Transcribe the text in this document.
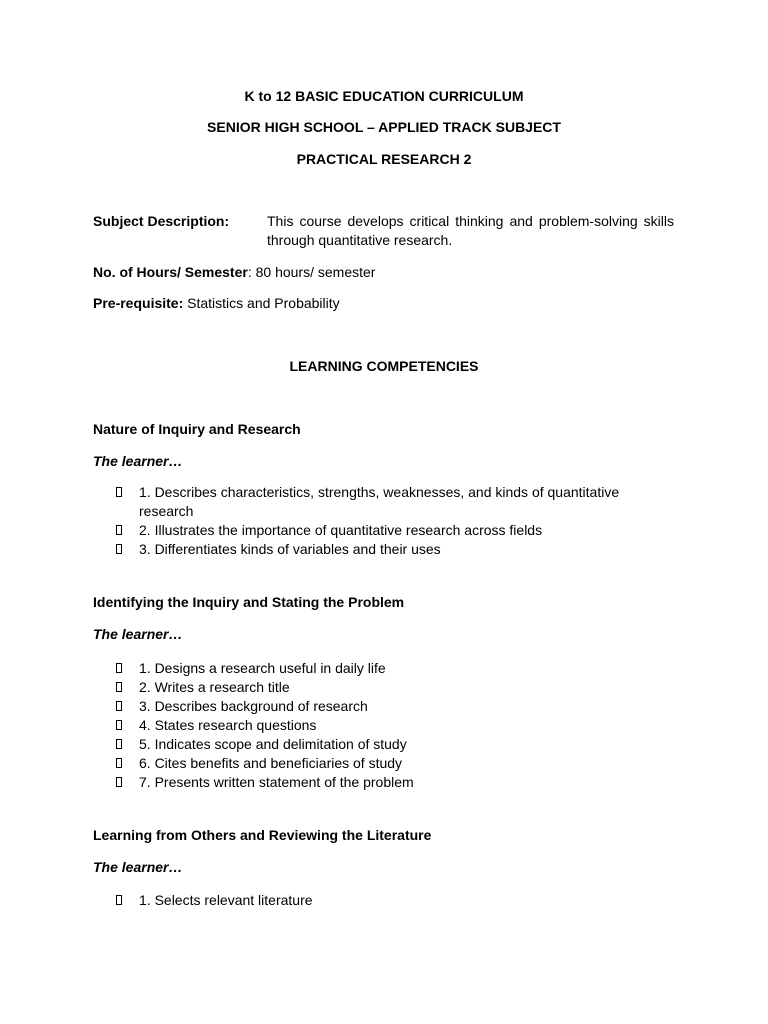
K to 12 BASIC EDUCATION CURRICULUM
SENIOR HIGH SCHOOL – APPLIED TRACK SUBJECT
PRACTICAL RESEARCH 2
Subject Description:	This course develops critical thinking and problem-solving skills through quantitative research.
No. of Hours/ Semester: 80 hours/ semester
Pre-requisite: Statistics and Probability
LEARNING COMPETENCIES
Nature of Inquiry and Research
The learner…
1. Describes characteristics, strengths, weaknesses, and kinds of quantitative research
2. Illustrates the importance of quantitative research across fields
3. Differentiates kinds of variables and their uses
Identifying the Inquiry and Stating the Problem
The learner…
1. Designs a research useful in daily life
2. Writes a research title
3. Describes background of research
4. States research questions
5. Indicates scope and delimitation of study
6. Cites benefits and beneficiaries of study
7. Presents written statement of the problem
Learning from Others and Reviewing the Literature
The learner…
1. Selects relevant literature
